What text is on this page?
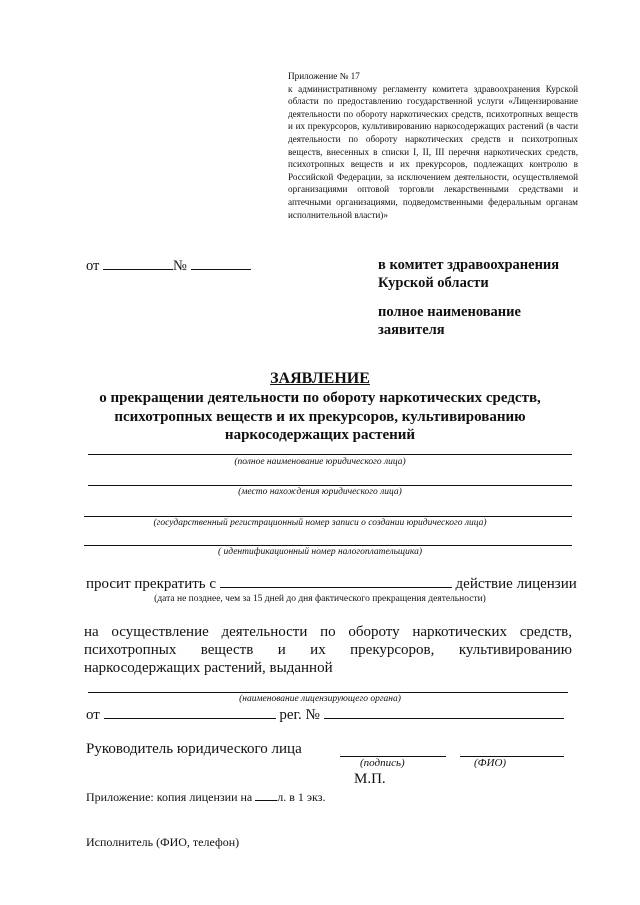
Приложение № 17

к административному регламенту комитета здравоохранения Курской области по предоставлению государственной услуги «Лицензирование деятельности по обороту наркотических средств, психотропных веществ и их прекурсоров, культивированию наркосодержащих растений (в части деятельности по обороту наркотических средств и психотропных веществ, внесенных в списки I, II, III перечня наркотических средств, психотропных веществ и их прекурсоров, подлежащих контролю в Российской Федерации, за исключением деятельности, осуществляемой организациями оптовой торговли лекарственными средствами и аптечными организациями, подведомственными федеральным органам исполнительной власти)»

от	№	в комитет здравоохранения
Курской области
полное наименование
заявителя
ЗАЯВЛЕНИЕ
о прекращении деятельности по обороту наркотических средств,
психотропных веществ и их прекурсоров, культивированию
наркосодержащих растений
(полное наименование юридического лица)
(место нахождения юридического лица)
(государственный регистрационный номер записи о создании юридического лица)
( идентификационный номер налогоплательщика)
просит прекратить с	действие лицензии
(дата не позднее, чем за 15 дней до дня фактического прекращения деятельности)

на осуществление деятельности по обороту наркотических средств,

психотропных веществ и их прекурсоров, культивированию

наркосодержащих растений, выданной

(наименование лицензирующего органа)
от	рег. №
Руководитель юридического лица
(подпись)	(ФИО)
М.П.
Приложение: копия лицензии на л. в 1 экз.
Исполнитель (ФИО, телефон)
